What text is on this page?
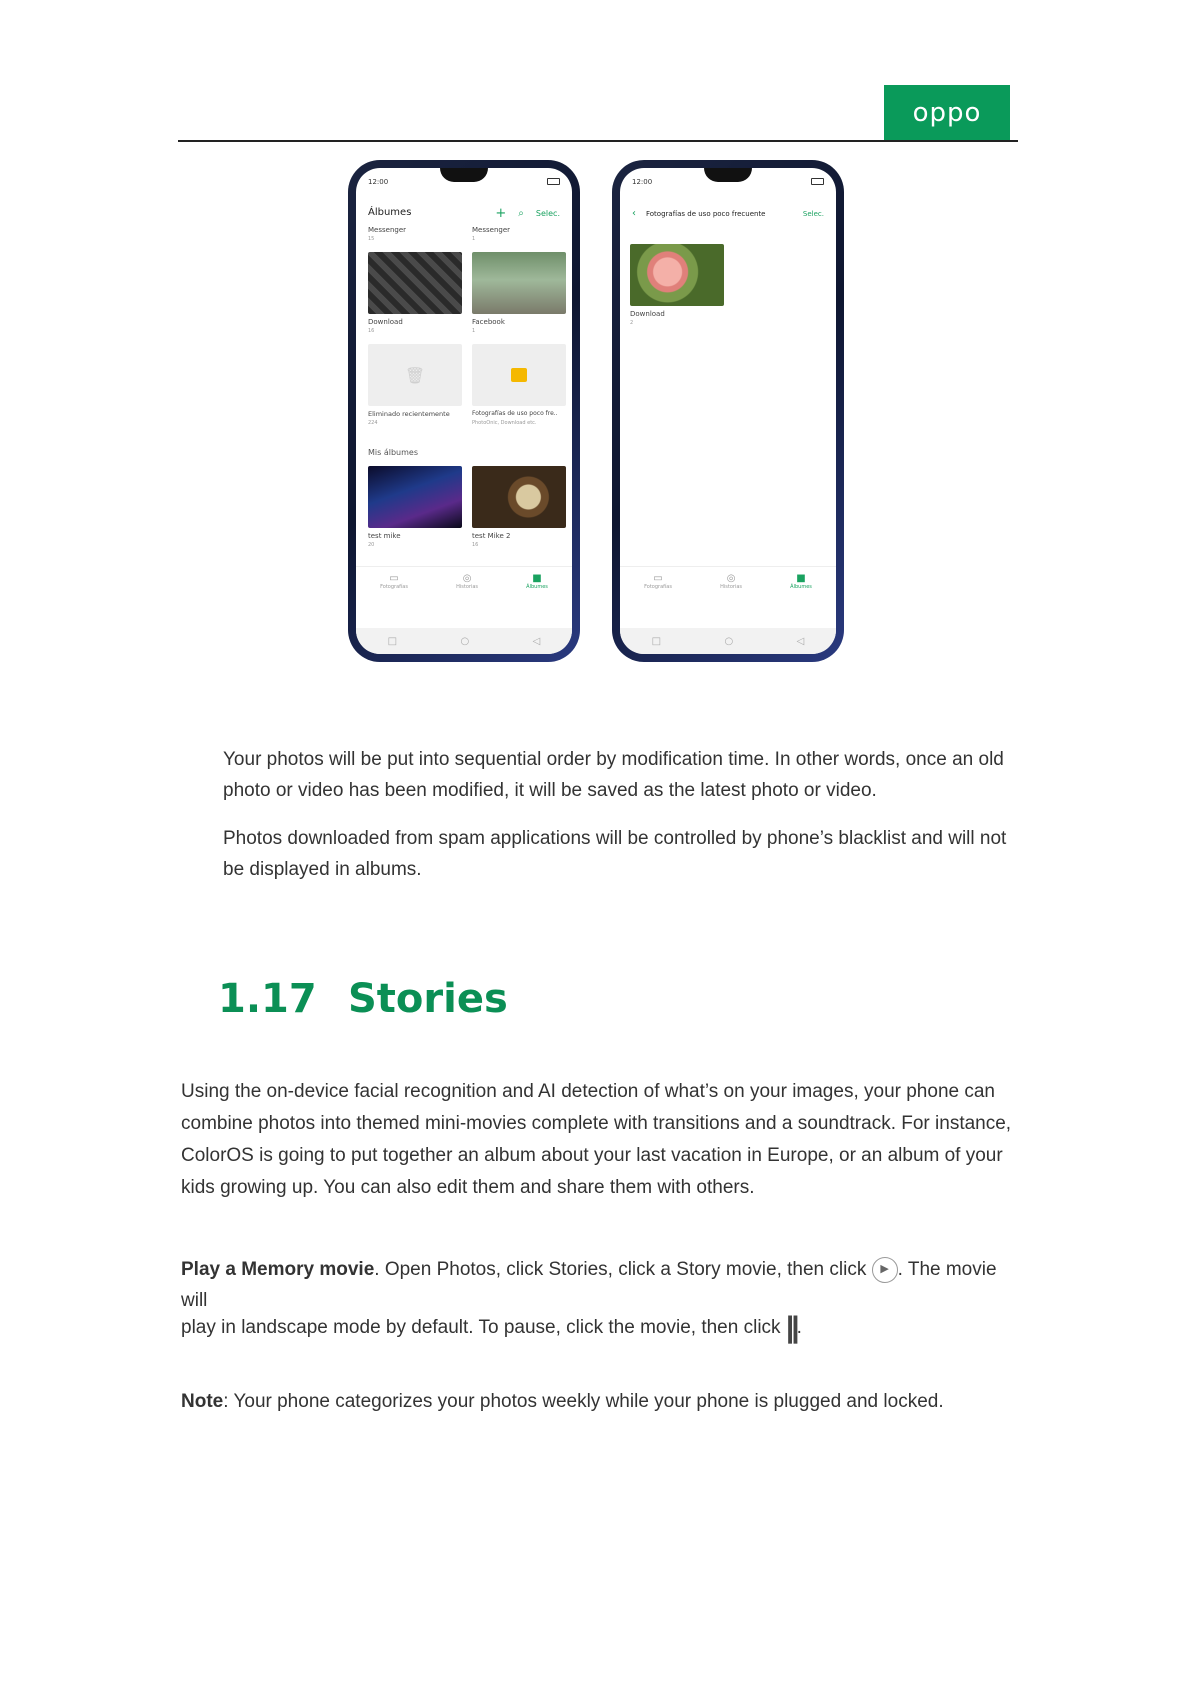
oppo
12:00
Álbumes	+ ⌕ Selec.
Messenger
15
Messenger
1
Download
16
Facebook
1
🗑
Eliminado recientemente
224
Fotografías de uso poco fre..
PhotoOnic, Download etc.
Mis álbumes
test mike
20
test Mike 2
16
▭
Fotografías
◎
Historias
■
Álbumes
□	○	◁
12:00
‹ Fotografías de uso poco frecuente	Selec.
Download
2
▭
Fotografías
◎
Historias
■
Álbumes
□	○	◁

Your photos will be put into sequential order by modification time. In other words, once an old photo or video has been modified, it will be saved as the latest photo or video.

Photos downloaded from spam applications will be controlled by phone’s blacklist and will not be displayed in albums.

1.17 Stories

Using the on-device facial recognition and AI detection of what’s on your images, your phone can combine photos into themed mini-movies complete with transitions and a soundtrack. For instance, ColorOS is going to put together an album about your last vacation in Europe, or an album of your kids growing up. You can also edit them and share them with others.

Play a Memory movie. Open Photos, click Stories, click a Story movie, then click ▶ . The movie will
play in landscape mode by default. To pause, click the movie, then click ||.
Note: Your phone categorizes your photos weekly while your phone is plugged and locked.
